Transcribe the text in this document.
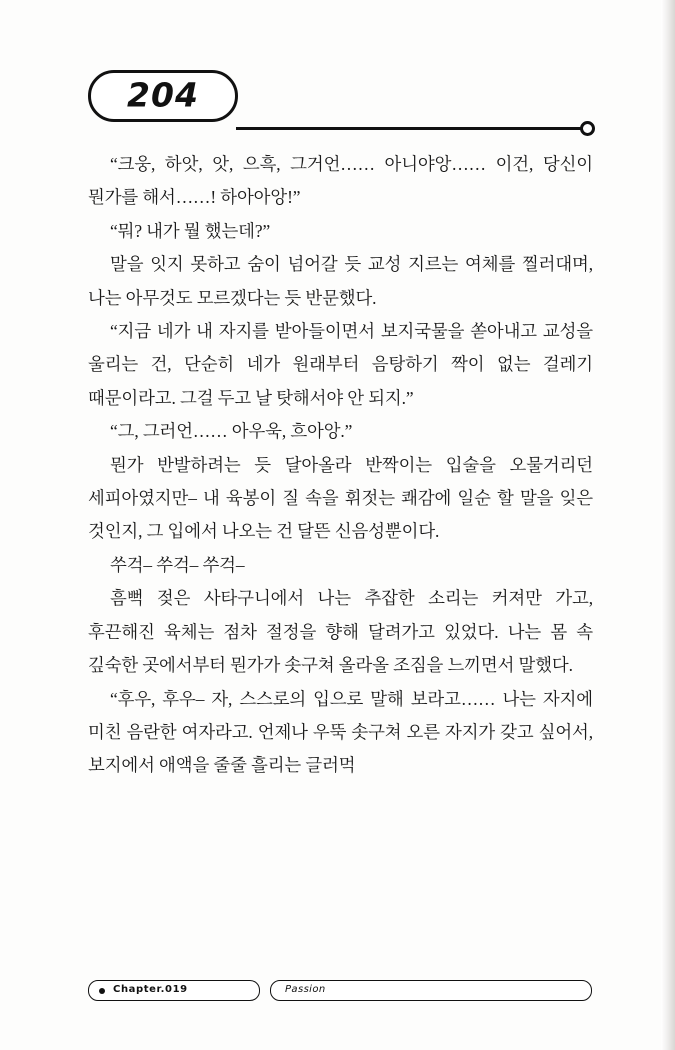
204

“크웅, 하앗, 앗, 으흑, 그거언…… 아니야앙…… 이건, 당신이 뭔가를 해서……! 하아아앙!”

“뭐? 내가 뭘 했는데?”

말을 잇지 못하고 숨이 넘어갈 듯 교성 지르는 여체를 찔러대며, 나는 아무것도 모르겠다는 듯 반문했다.

“지금 네가 내 자지를 받아들이면서 보지국물을 쏟아내고 교성을 울리는 건, 단순히 네가 원래부터 음탕하기 짝이 없는 걸레기 때문이라고. 그걸 두고 날 탓해서야 안 되지.”

“그, 그러언…… 아우욱, 흐아앙.”

뭔가 반발하려는 듯 달아올라 반짝이는 입술을 오물거리던 세피아였지만– 내 육봉이 질 속을 휘젓는 쾌감에 일순 할 말을 잊은 것인지, 그 입에서 나오는 건 달뜬 신음성뿐이다.

쑤걱– 쑤걱– 쑤걱–

흠뻑 젖은 사타구니에서 나는 추잡한 소리는 커져만 가고, 후끈해진 육체는 점차 절정을 향해 달려가고 있었다. 나는 몸 속 깊숙한 곳에서부터 뭔가가 솟구쳐 올라올 조짐을 느끼면서 말했다.

“후우, 후우– 자, 스스로의 입으로 말해 보라고…… 나는 자지에 미친 음란한 여자라고. 언제나 우뚝 솟구쳐 오른 자지가 갖고 싶어서, 보지에서 애액을 줄줄 흘리는 글러먹

Chapter.019	Passion
